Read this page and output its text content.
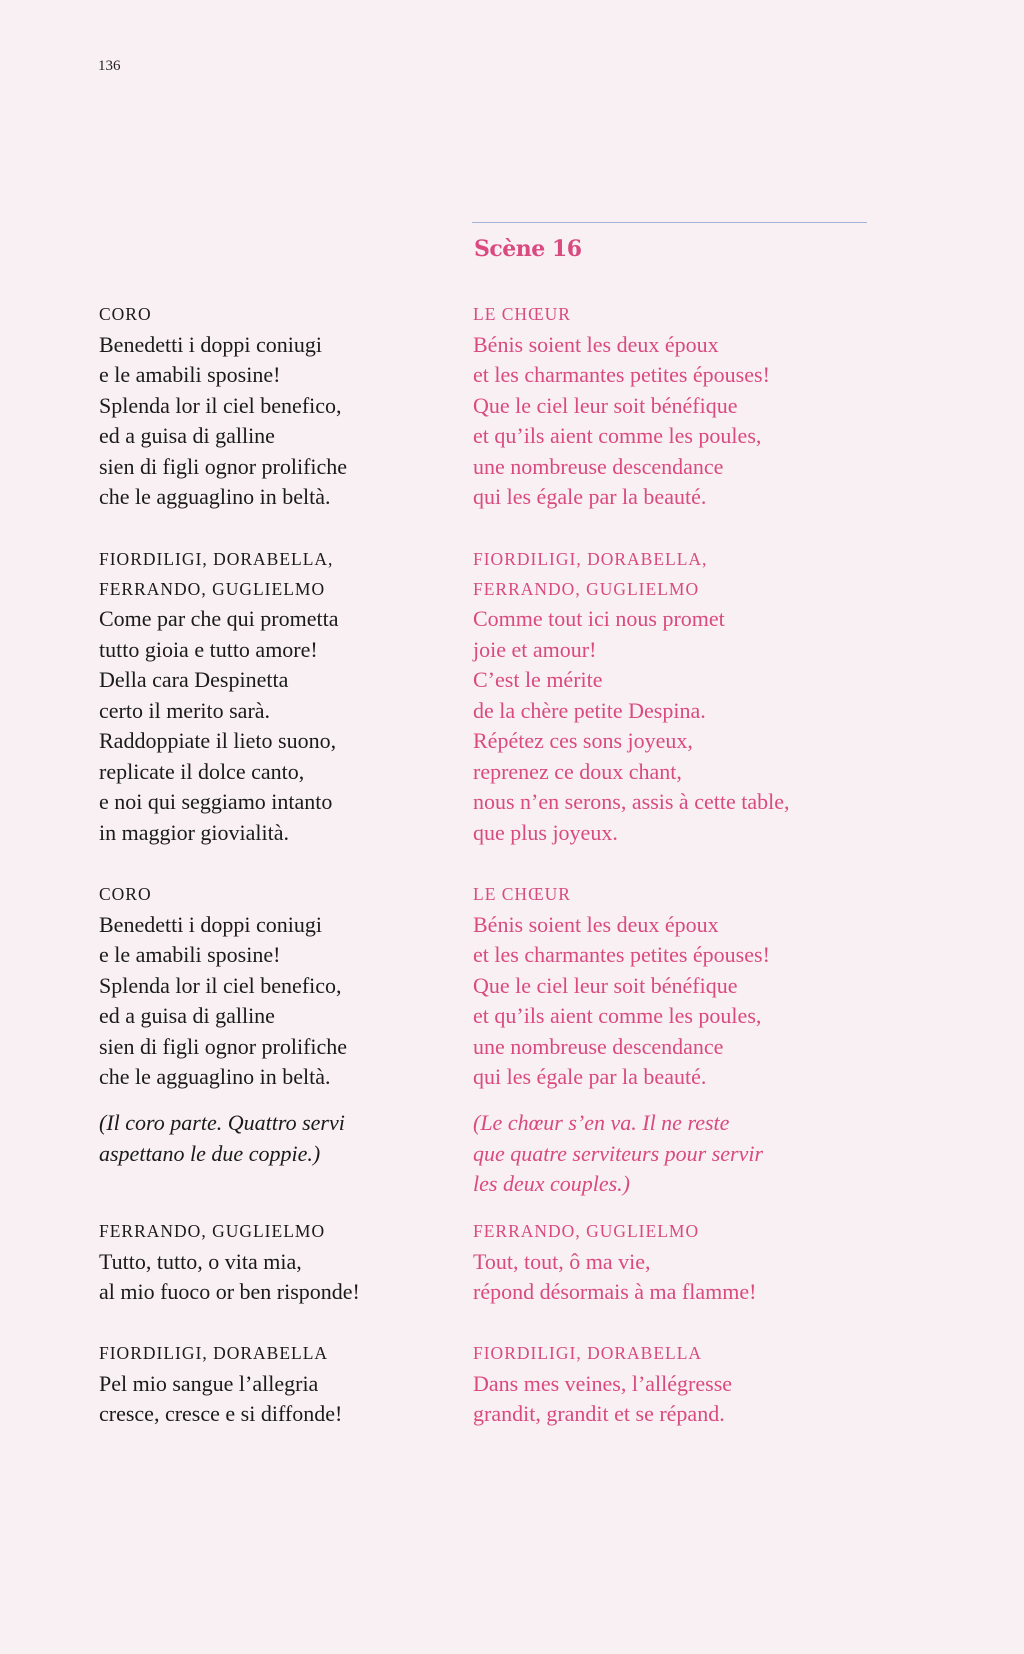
136
Scène 16
CORO
Benedetti i doppi coniugi
e le amabili sposine!
Splenda lor il ciel benefico,
ed a guisa di galline
sien di figli ognor prolifiche
che le agguaglino in beltà.
FIORDILIGI, DORABELLA,
FERRANDO, GUGLIELMO
Come par che qui prometta
tutto gioia e tutto amore!
Della cara Despinetta
certo il merito sarà.
Raddoppiate il lieto suono,
replicate il dolce canto,
e noi qui seggiamo intanto
in maggior giovialità.
CORO
Benedetti i doppi coniugi
e le amabili sposine!
Splenda lor il ciel benefico,
ed a guisa di galline
sien di figli ognor prolifiche
che le agguaglino in beltà.
(Il coro parte. Quattro servi
aspettano le due coppie.)
FERRANDO, GUGLIELMO
Tutto, tutto, o vita mia,
al mio fuoco or ben risponde!
FIORDILIGI, DORABELLA
Pel mio sangue l’allegria
cresce, cresce e si diffonde!
LE CHŒUR
Bénis soient les deux époux
et les charmantes petites épouses!
Que le ciel leur soit bénéfique
et qu’ils aient comme les poules,
une nombreuse descendance
qui les égale par la beauté.
FIORDILIGI, DORABELLA,
FERRANDO, GUGLIELMO
Comme tout ici nous promet
joie et amour!
C’est le mérite
de la chère petite Despina.
Répétez ces sons joyeux,
reprenez ce doux chant,
nous n’en serons, assis à cette table,
que plus joyeux.
LE CHŒUR
Bénis soient les deux époux
et les charmantes petites épouses!
Que le ciel leur soit bénéfique
et qu’ils aient comme les poules,
une nombreuse descendance
qui les égale par la beauté.
(Le chœur s’en va. Il ne reste
que quatre serviteurs pour servir
les deux couples.)
FERRANDO, GUGLIELMO
Tout, tout, ô ma vie,
répond désormais à ma flamme!
FIORDILIGI, DORABELLA
Dans mes veines, l’allégresse
grandit, grandit et se répand.
